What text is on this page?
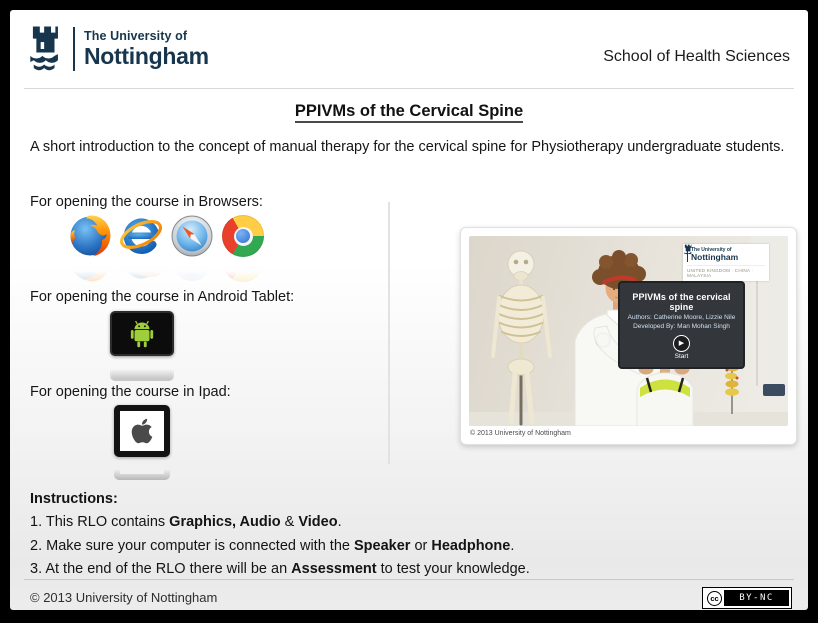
The University of
Nottingham	School of Health Sciences
PPIVMs of the Cervical Spine
A short introduction to the concept of manual therapy for the cervical spine for Physiotherapy undergraduate students.
For opening the course in Browsers:
For opening the course in Android Tablet:
For opening the course in Ipad:
PPIVMs of the cervical spine
Authors: Catherine Moore, Lizzie Nile
Developed By: Man Mohan Singh
▶
Start
The University of
Nottingham
UNITED KINGDOM · CHINA · MALAYSIA
© 2013 University of Nottingham
Instructions:
1. This RLO contains Graphics, Audio & Video.
2. Make sure your computer is connected with the Speaker or Headphone.
3. At the end of the RLO there will be an Assessment to test your knowledge.
© 2013 University of Nottingham	cc	BY-NC
